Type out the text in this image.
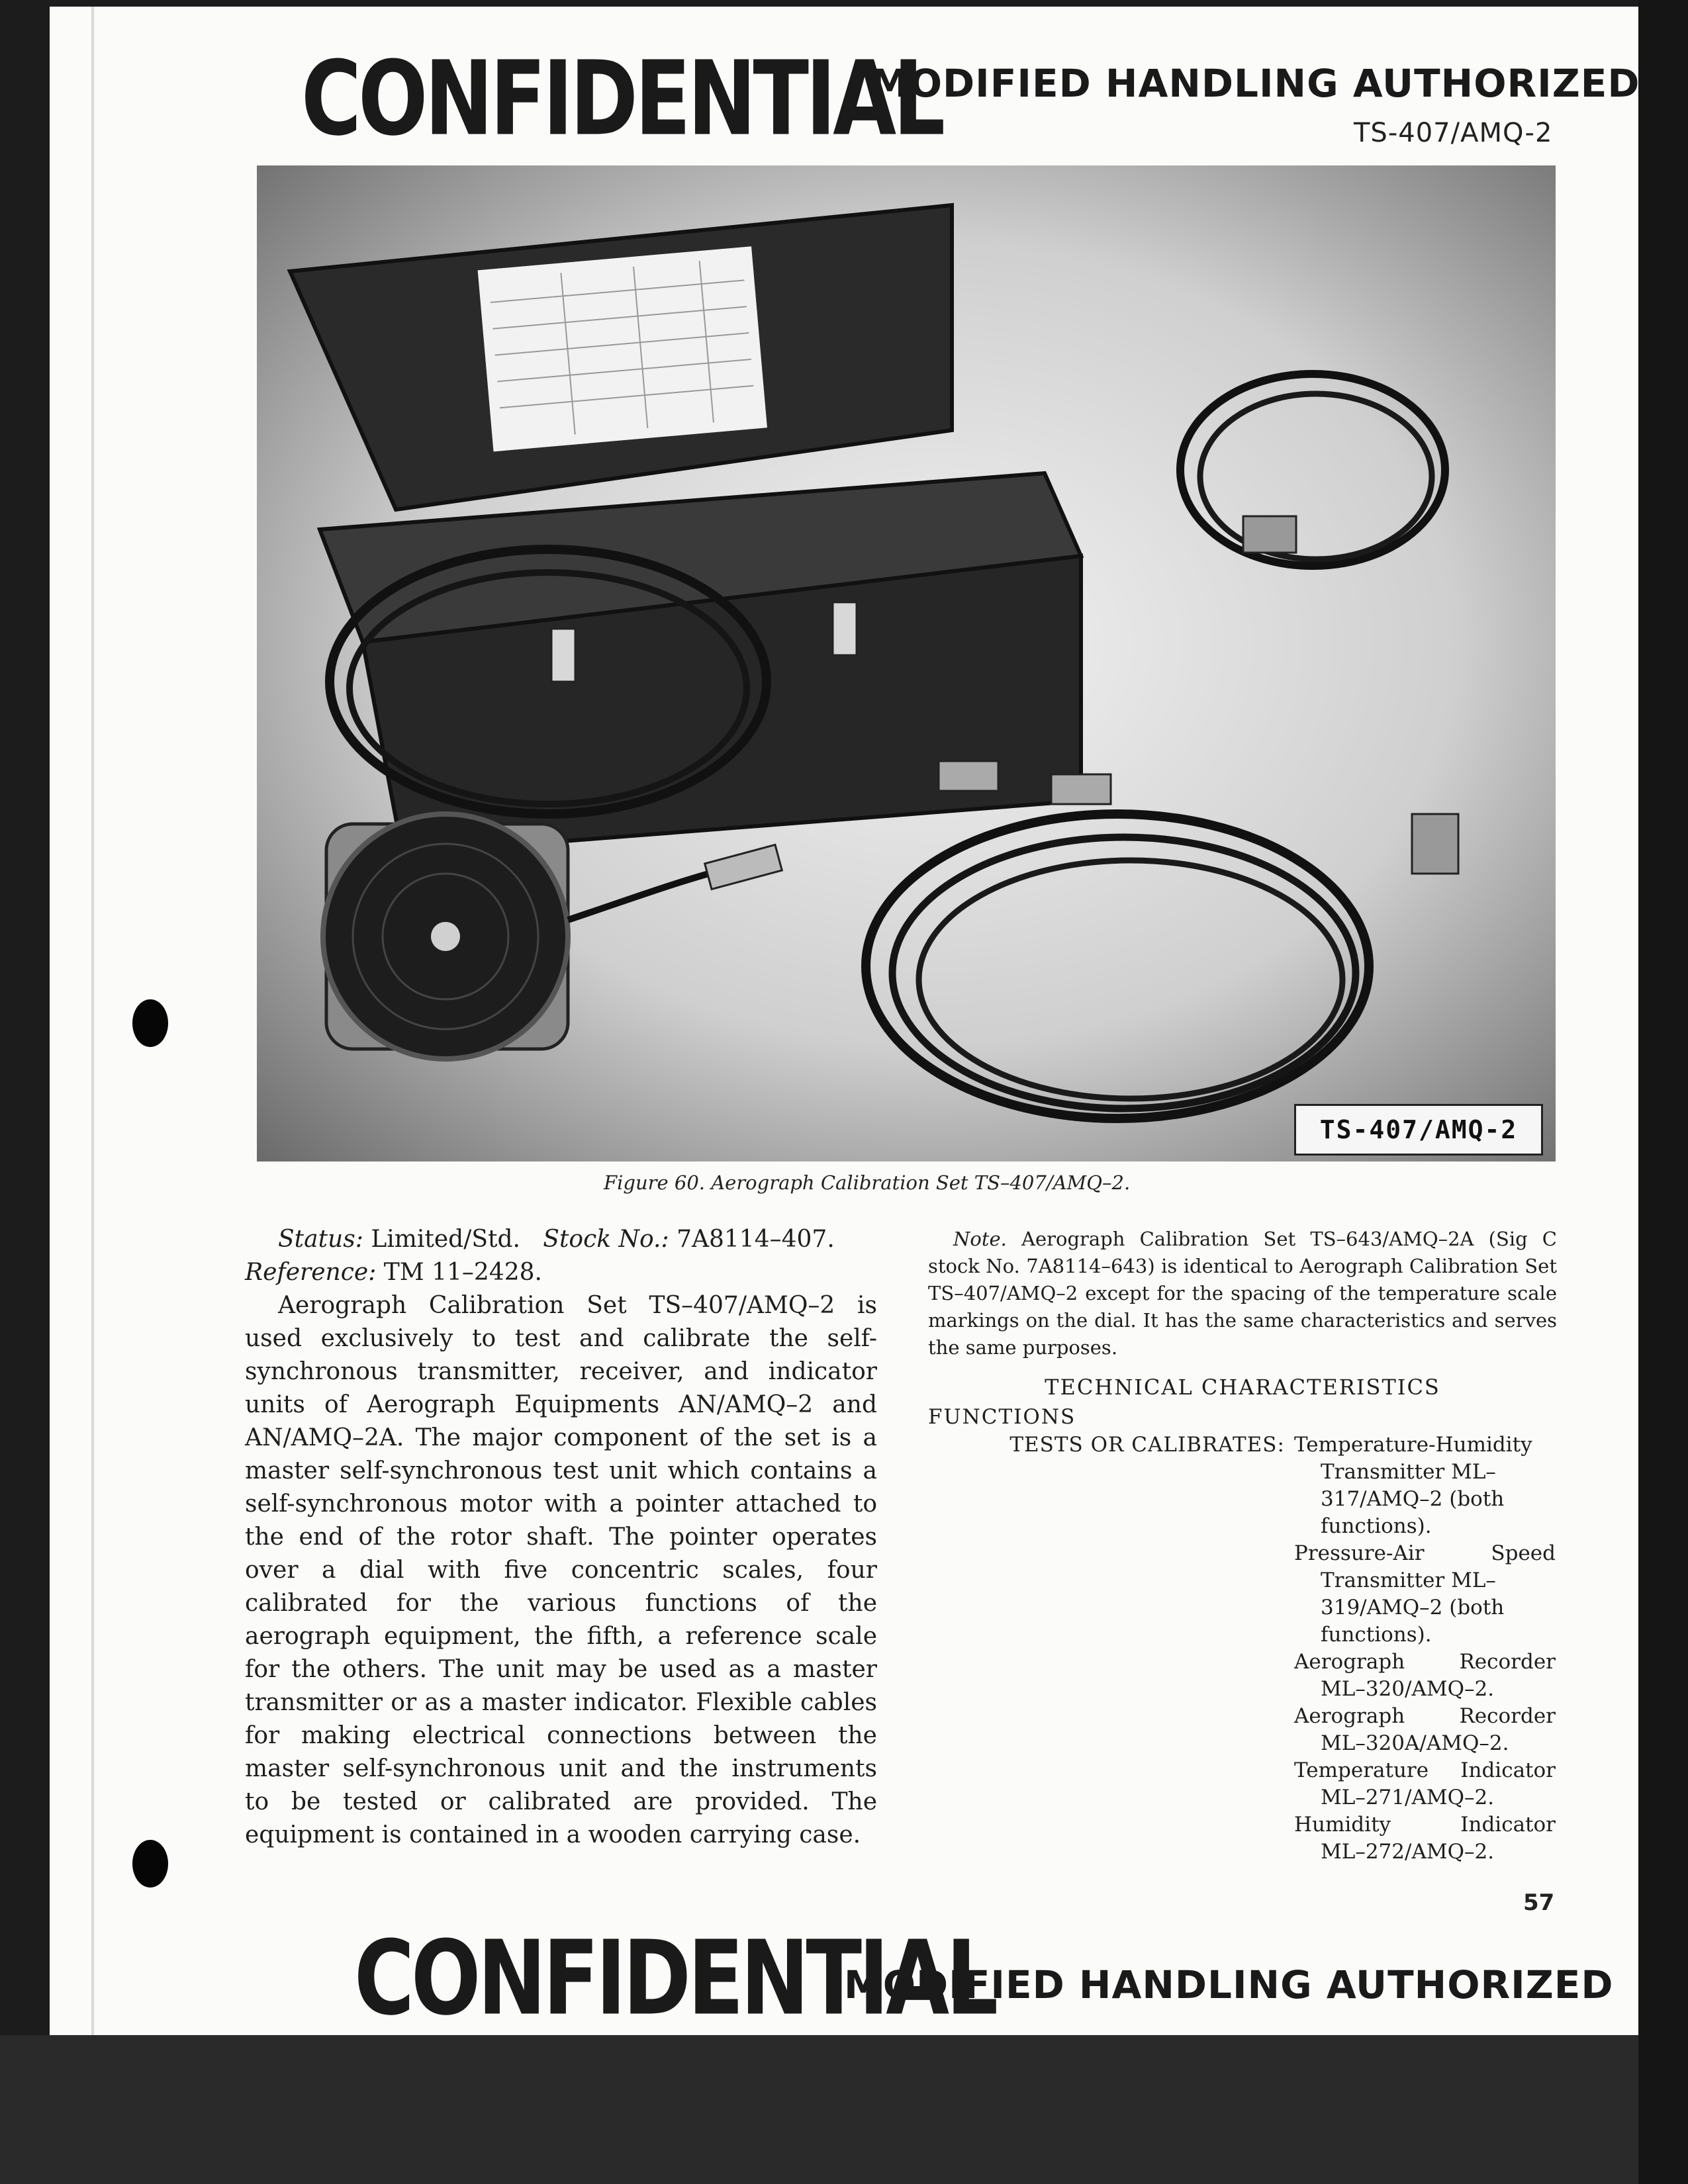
CONFIDENTIAL
MODIFIED HANDLING AUTHORIZED
TS-407/AMQ-2
TS-407/AMQ-2
Figure 60. Aerograph Calibration Set TS–407/AMQ–2.

Status: Limited/Std. Stock No.: 7A8114–407.

Reference: TM 11–2428.

Aerograph Calibration Set TS–407/AMQ–2 is used exclusively to test and calibrate the self-synchronous transmitter, receiver, and indicator units of Aerograph Equipments AN/AMQ–2 and AN/AMQ–2A. The major component of the set is a master self-synchronous test unit which contains a self-synchronous motor with a pointer attached to the end of the rotor shaft. The pointer operates over a dial with five concentric scales, four calibrated for the various functions of the aerograph equipment, the fifth, a reference scale for the others. The unit may be used as a master transmitter or as a master indicator. Flexible cables for making electrical connections between the master self-synchronous unit and the instruments to be tested or calibrated are provided. The equipment is contained in a wooden carrying case.

Note. Aerograph Calibration Set TS–643/AMQ–2A (Sig C stock No. 7A8114–643) is identical to Aerograph Calibration Set TS–407/AMQ–2 except for the spacing of the temperature scale markings on the dial. It has the same characteristics and serves the same purposes.

TECHNICAL CHARACTERISTICS
FUNCTIONS
TESTS OR CALIBRATES: Temperature-Humidity
Transmitter ML–
317/AMQ–2 (both functions).
Pressure-Air Speed
Transmitter ML–
319/AMQ–2 (both functions).
Aerograph Recorder
ML–320/AMQ–2.
Aerograph Recorder
ML–320A/AMQ–2.
Temperature Indicator
ML–271/AMQ–2.
Humidity Indicator
ML–272/AMQ–2.
57
CONFIDENTIAL
MODIFIED HANDLING AUTHORIZED
